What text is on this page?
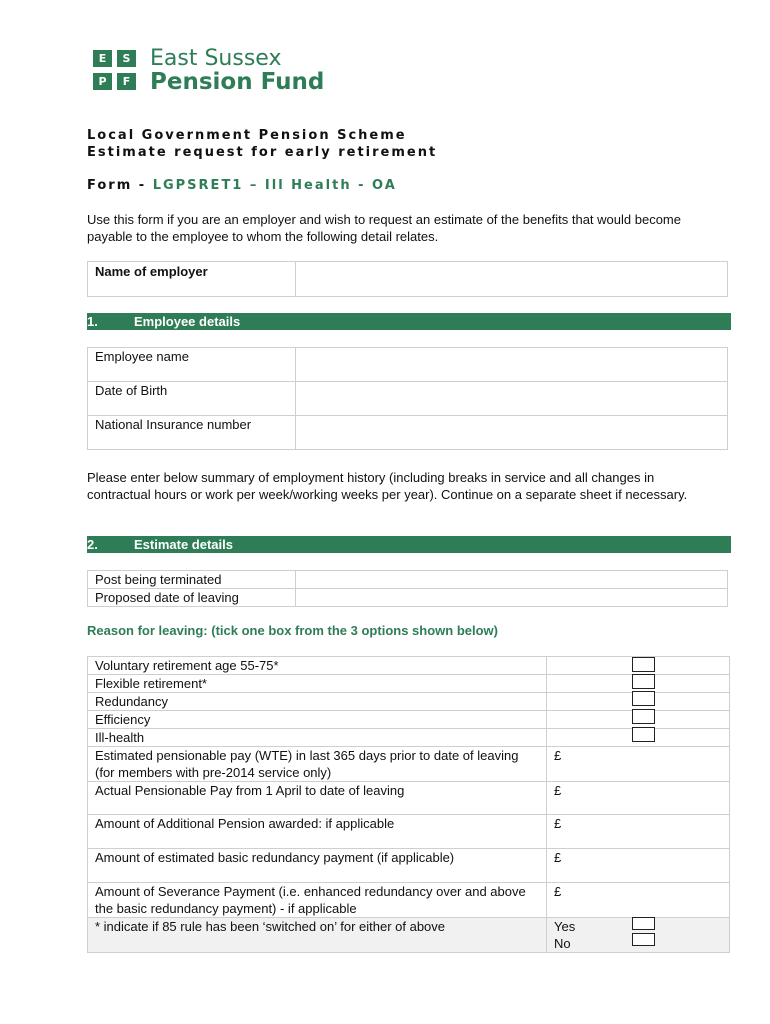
E	S
P	F
East Sussex
Pension Fund
Local Government Pension Scheme
Estimate request for early retirement
Form - LGPSRET1 – Ill Health - OA
Use this form if you are an employer and wish to request an estimate of the benefits that would become payable to the employee to whom the following detail relates.
Name of employer	
1.	Employee details
Employee name	
Date of Birth	
National Insurance number	
Please enter below summary of employment history (including breaks in service and all changes in contractual hours or work per week/working weeks per year). Continue on a separate sheet if necessary.
2.	Estimate details
Post being terminated	
Proposed date of leaving	
Reason for leaving: (tick one box from the 3 options shown below)
Voluntary retirement age 55-75*	
Flexible retirement*	
Redundancy	
Efficiency	
Ill-health	
Estimated pensionable pay (WTE) in last 365 days prior to date of leaving (for members with pre-2014 service only)	£
Actual Pensionable Pay from 1 April to date of leaving	£
Amount of Additional Pension awarded: if applicable	£
Amount of estimated basic redundancy payment (if applicable)	£
Amount of Severance Payment (i.e. enhanced redundancy over and above the basic redundancy payment) - if applicable	£
* indicate if 85 rule has been ‘switched on’ for either of above	Yes
No
